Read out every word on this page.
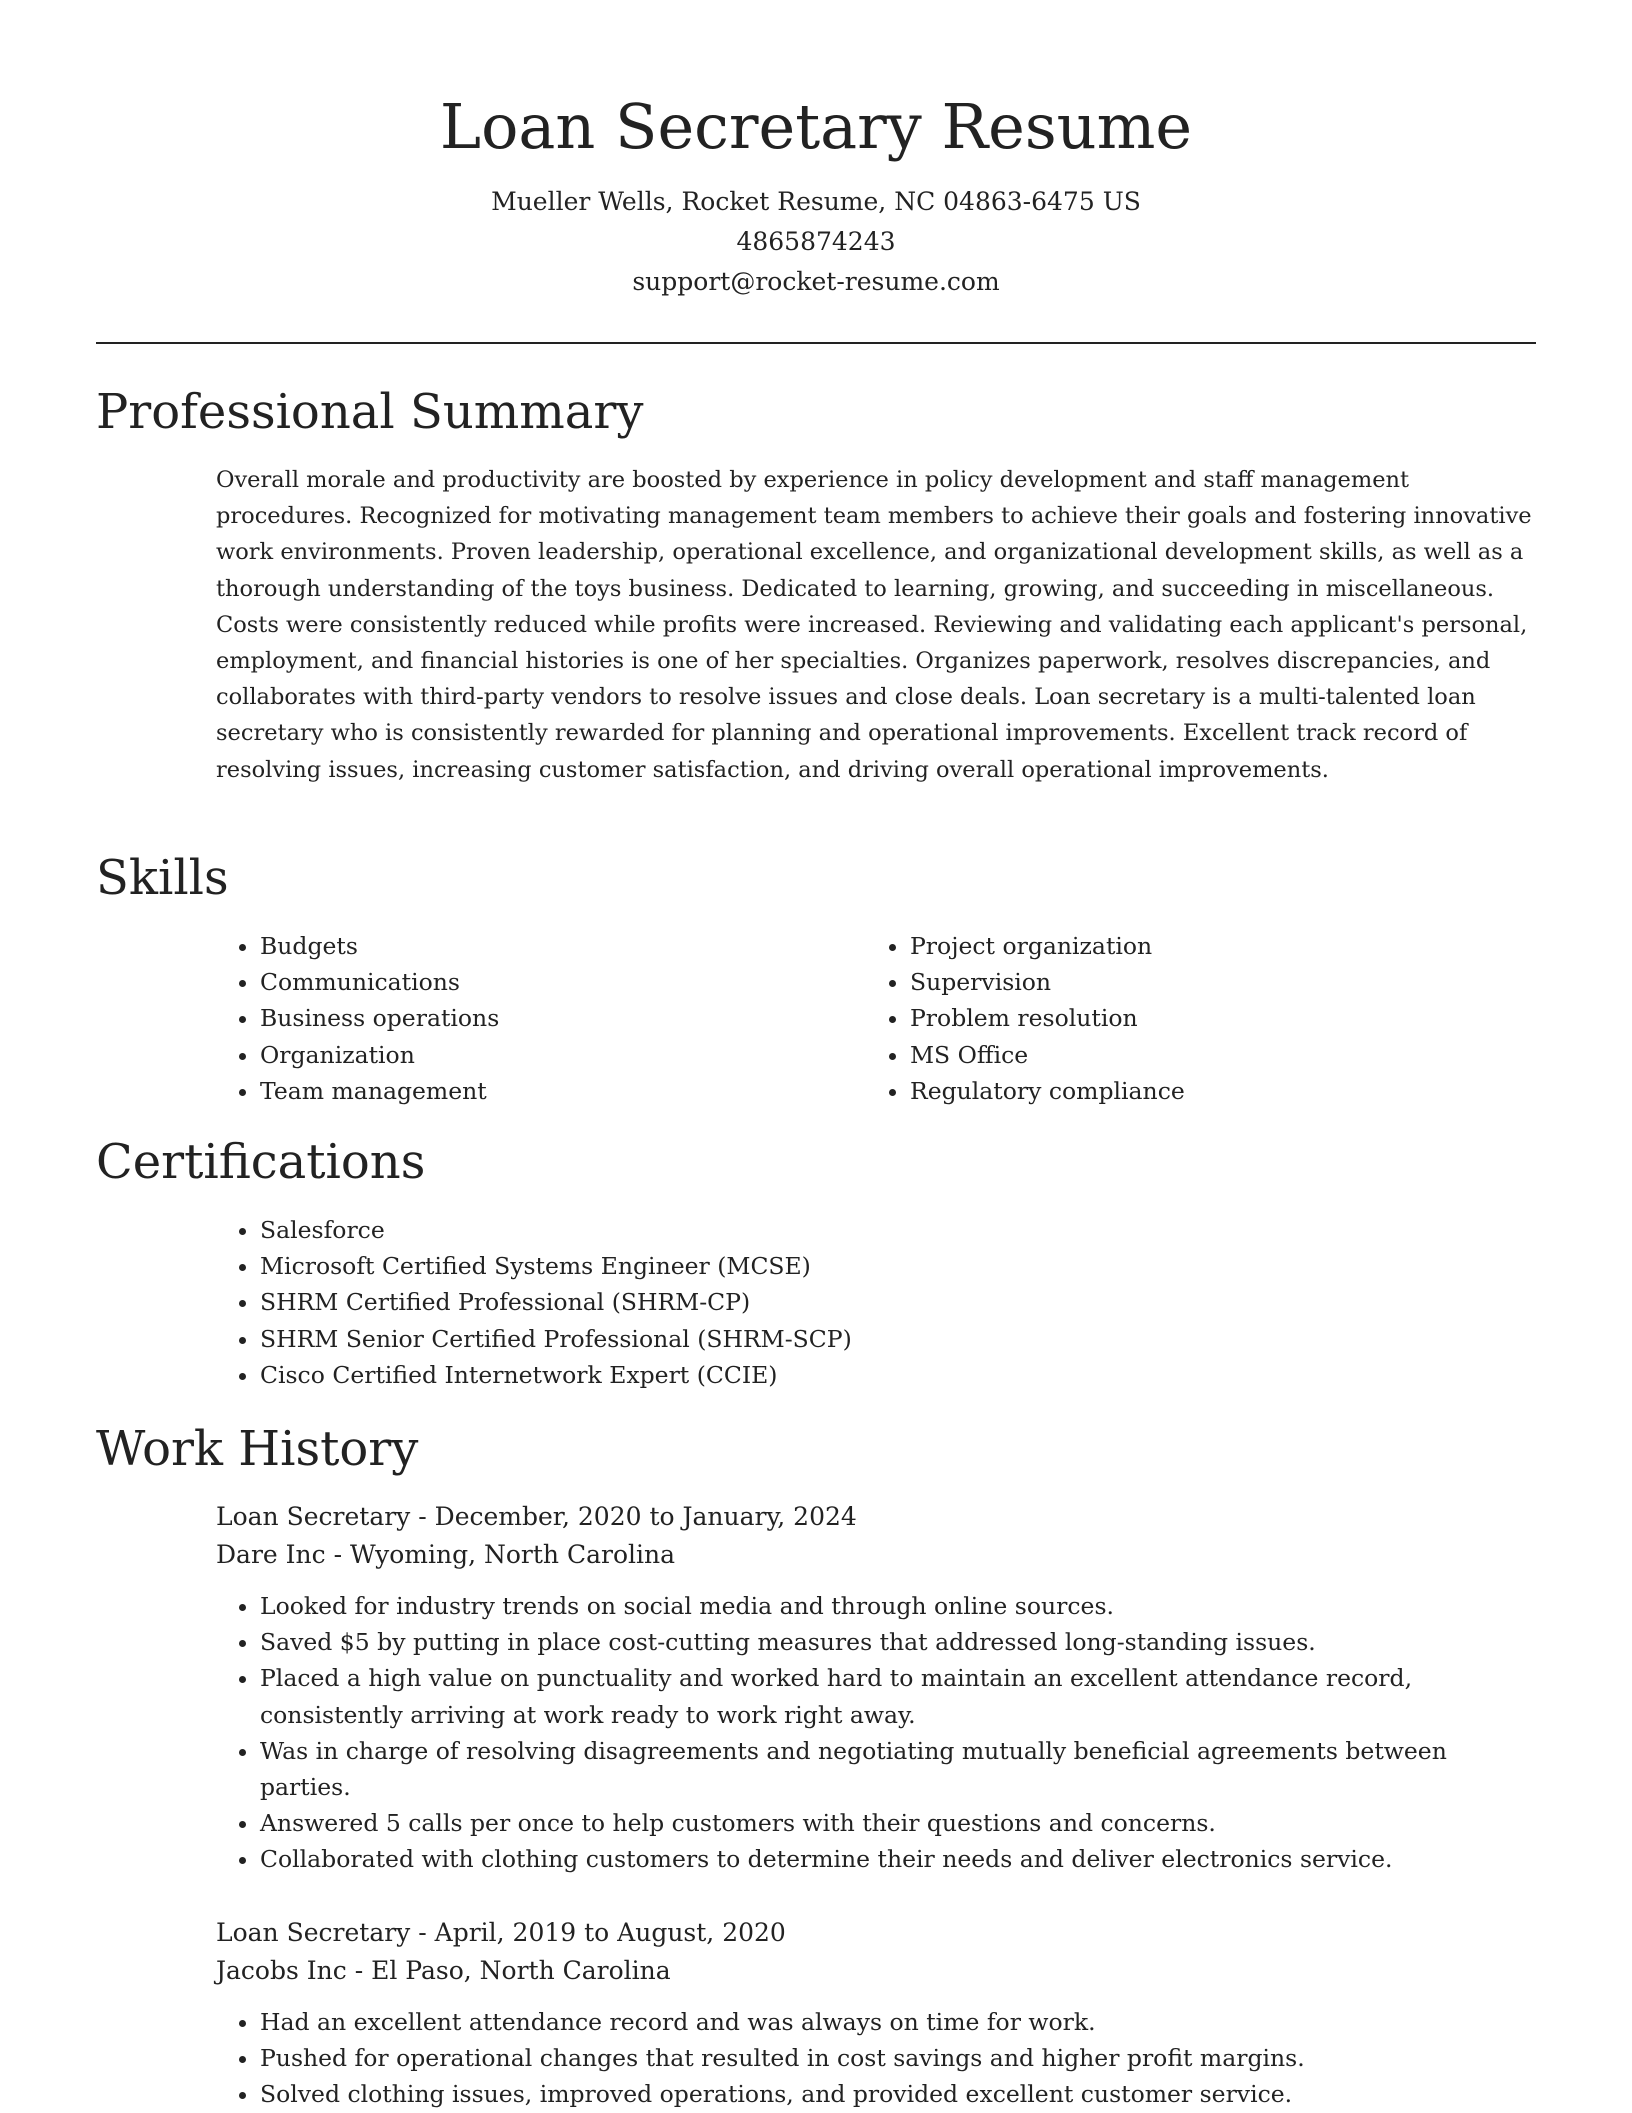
Loan Secretary Resume
Mueller Wells, Rocket Resume, NC 04863-6475 US
4865874243
support@rocket-resume.com
Professional Summary
Overall morale and productivity are boosted by experience in policy development and staff management procedures. Recognized for motivating management team members to achieve their goals and fostering innovative work environments. Proven leadership, operational excellence, and organizational development skills, as well as a thorough understanding of the toys business. Dedicated to learning, growing, and succeeding in miscellaneous. Costs were consistently reduced while profits were increased. Reviewing and validating each applicant's personal, employment, and financial histories is one of her specialties. Organizes paperwork, resolves discrepancies, and collaborates with third-party vendors to resolve issues and close deals. Loan secretary is a multi-talented loan secretary who is consistently rewarded for planning and operational improvements. Excellent track record of resolving issues, increasing customer satisfaction, and driving overall operational improvements.
Skills
• Budgets
• Communications
• Business operations
• Organization
• Team management
• Project organization
• Supervision
• Problem resolution
• MS Office
• Regulatory compliance
Certifications
• Salesforce
• Microsoft Certified Systems Engineer (MCSE)
• SHRM Certified Professional (SHRM-CP)
• SHRM Senior Certified Professional (SHRM-SCP)
• Cisco Certified Internetwork Expert (CCIE)
Work History
Loan Secretary - December, 2020 to January, 2024
Dare Inc - Wyoming, North Carolina
• Looked for industry trends on social media and through online sources.
• Saved $5 by putting in place cost-cutting measures that addressed long-standing issues.
• Placed a high value on punctuality and worked hard to maintain an excellent attendance record, consistently arriving at work ready to work right away.
• Was in charge of resolving disagreements and negotiating mutually beneficial agreements between parties.
• Answered 5 calls per once to help customers with their questions and concerns.
• Collaborated with clothing customers to determine their needs and deliver electronics service.
Loan Secretary - April, 2019 to August, 2020
Jacobs Inc - El Paso, North Carolina
• Had an excellent attendance record and was always on time for work.
• Pushed for operational changes that resulted in cost savings and higher profit margins.
• Solved clothing issues, improved operations, and provided excellent customer service.
